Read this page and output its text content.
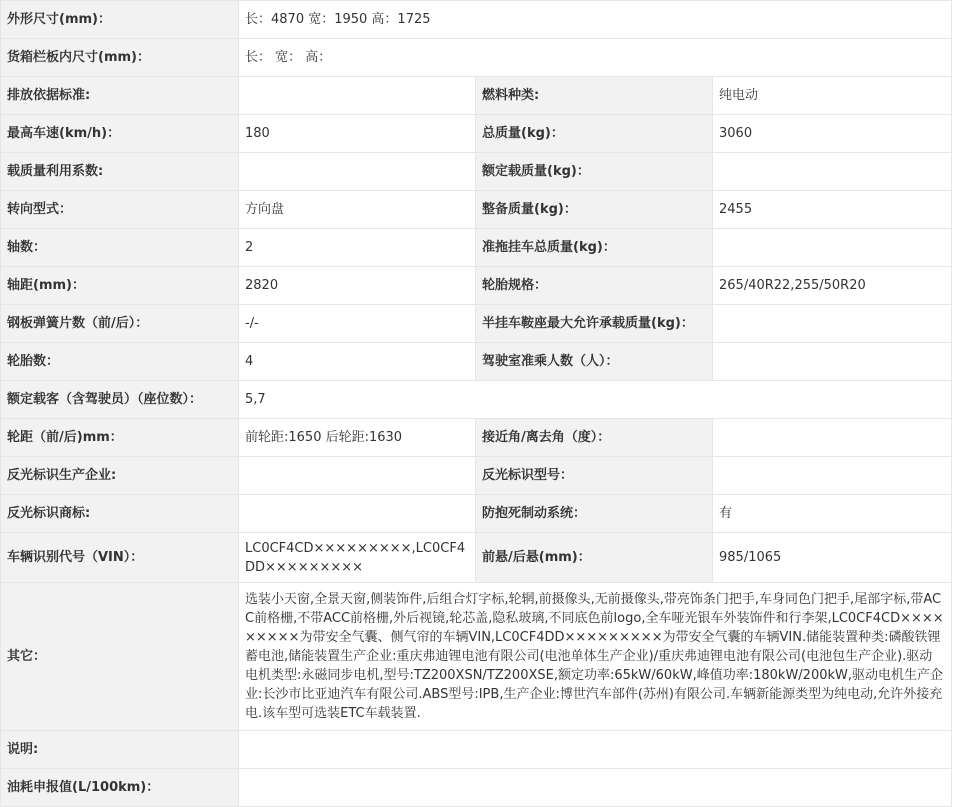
外形尺寸(mm)：	长：4870 宽：1950 高：1725		
货箱栏板内尺寸(mm)：	长： 宽： 高：		
排放依据标准:		燃料种类:	纯电动
最高车速(km/h)：	180	总质量(kg)：	3060
载质量利用系数:		额定载质量(kg)：	
转向型式：	方向盘	整备质量(kg)：	2455
轴数：	2	准拖挂车总质量(kg)：	
轴距(mm)：	2820	轮胎规格：	265/40R22,255/50R20
钢板弹簧片数（前/后）：	-/-	半挂车鞍座最大允许承载质量(kg)：	
轮胎数：	4	驾驶室准乘人数（人）：	
额定载客（含驾驶员）（座位数）：	5,7		
轮距（前/后)mm：	前轮距:1650 后轮距:1630	接近角/离去角（度）：	
反光标识生产企业:		反光标识型号：	
反光标识商标:		防抱死制动系统：	有
车辆识别代号（VIN）：	LC0CF4CD×××××××××,LC0CF4DD×××××××××	前悬/后悬(mm)：	985/1065
其它：	选装小天窗,全景天窗,侧装饰件,后组合灯字标,轮辋,前摄像头,无前摄像头,带亮饰条门把手,车身同色门把手,尾部字标,带ACC前格栅,不带ACC前格栅,外后视镜,轮芯盖,隐私玻璃,不同底色前logo,全车哑光银车外装饰件和行李架,LC0CF4CD×××××××××为带安全气囊、侧气帘的车辆VIN,LC0CF4DD×××××××××为带安全气囊的车辆VIN.储能装置种类:磷酸铁锂蓄电池,储能装置生产企业:重庆弗迪锂电池有限公司(电池单体生产企业)/重庆弗迪锂电池有限公司(电池包生产企业).驱动电机类型:永磁同步电机,型号:TZ200XSN/TZ200XSE,额定功率:65kW/60kW,峰值功率:180kW/200kW,驱动电机生产企业:长沙市比亚迪汽车有限公司.ABS型号:IPB,生产企业:博世汽车部件(苏州)有限公司.车辆新能源类型为纯电动,允许外接充电.该车型可选装ETC车载装置.		
说明:			
油耗申报值(L/100km)：			
